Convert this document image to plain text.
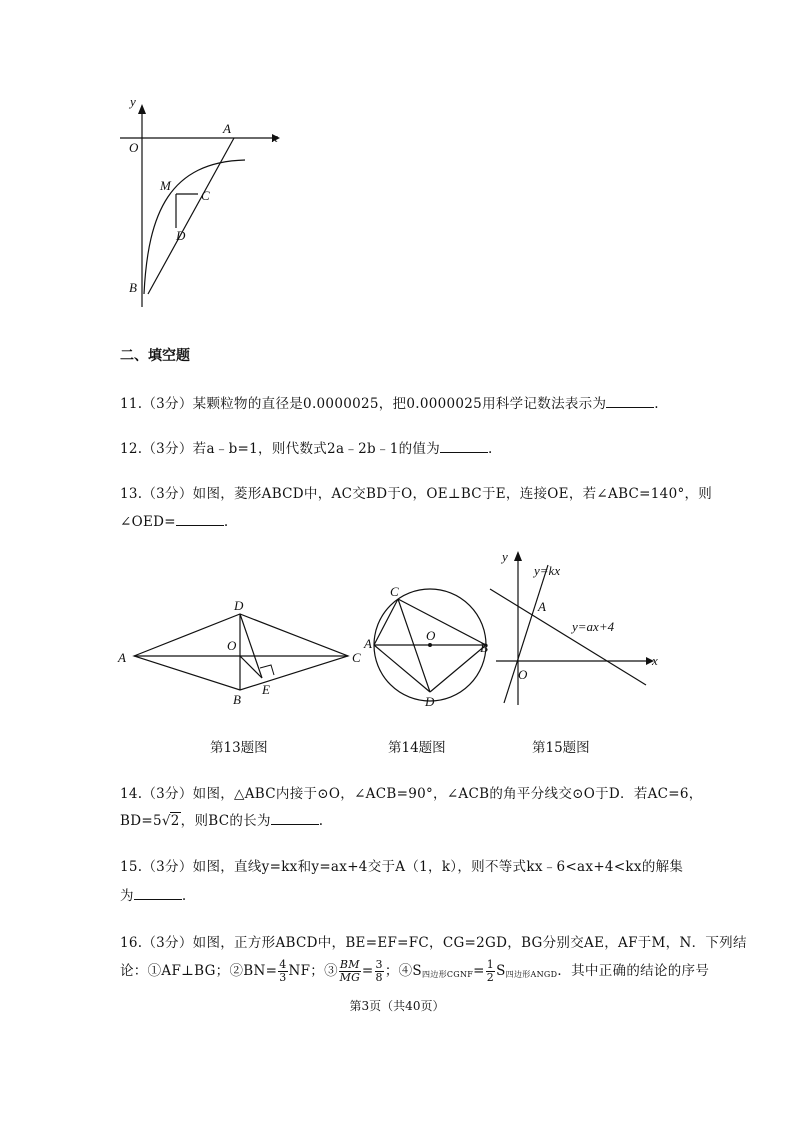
y
x
O
A
M
C
D
B
二、填空题
11.（3分）某颗粒物的直径是0.0000025，把0.0000025用科学记数法表示为	.
12.（3分）若a﹣b=1，则代数式2a﹣2b﹣1的值为	.
13.（3分）如图，菱形ABCD中，AC交BD于O，OE⊥BC于E，连接OE，若∠ABC=140°，则
∠OED=	.
A
D
C
O
B
E
C
A	B
O
D
y
x
O
A
y=kx
y=ax+4
第13题图	第14题图	第15题图
14.（3分）如图，△ABC内接于⊙O，∠ACB=90°，∠ACB的角平分线交⊙O于D．若AC=6，
BD=5√2，则BC的长为	.
15.（3分）如图，直线y=kx和y=ax+4交于A（1，k），则不等式kx﹣6<ax+4<kx的解集
为	.
16.（3分）如图，正方形ABCD中，BE=EF=FC，CG=2GD，BG分别交AE，AF于M，N．下列结
论：①AF⊥BG；②BN= $\frac{4}{3}$ NF；③ $\frac{BM}{MG} = \frac{3}{8}$ ；$④S_{四边形CGNF}= \frac{1}{2} S_{四边形ANGD}$．其中正确的结论的序号
第3页（共40页）
